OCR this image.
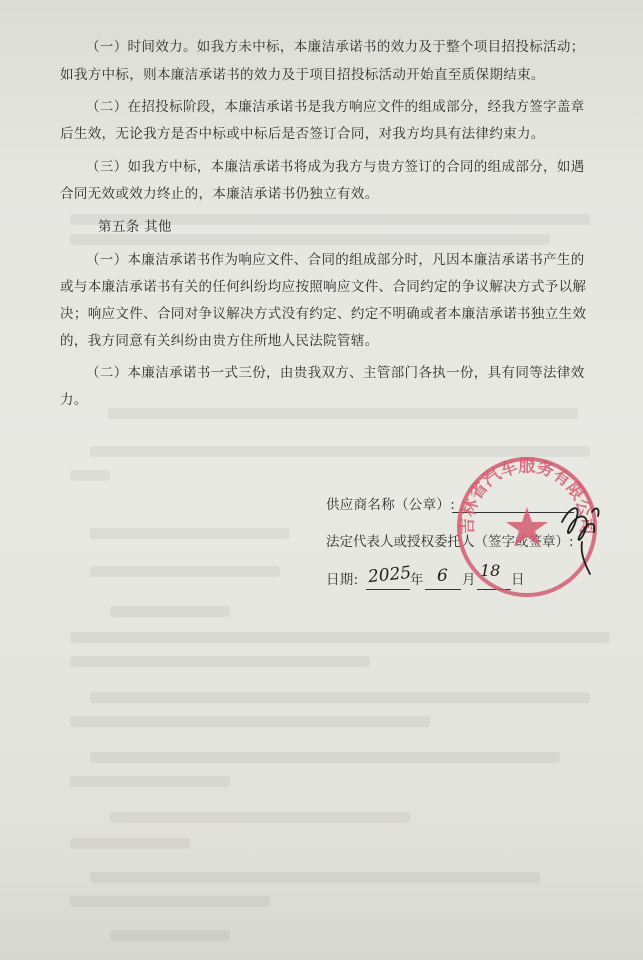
（一）时间效力。如我方未中标，本廉洁承诺书的效力及于整个项目招投标活动；
如我方中标，则本廉洁承诺书的效力及于项目招投标活动开始直至质保期结束。
（二）在招投标阶段，本廉洁承诺书是我方响应文件的组成部分，经我方签字盖章
后生效，无论我方是否中标或中标后是否签订合同，对我方均具有法律约束力。
（三）如我方中标，本廉洁承诺书将成为我方与贵方签订的合同的组成部分，如遇
合同无效或效力终止的，本廉洁承诺书仍独立有效。
第五条 其他
（一）本廉洁承诺书作为响应文件、合同的组成部分时，凡因本廉洁承诺书产生的
或与本廉洁承诺书有关的任何纠纷均应按照响应文件、合同约定的争议解决方式予以解
决；响应文件、合同对争议解决方式没有约定、约定不明确或者本廉洁承诺书独立生效
的，我方同意有关纠纷由贵方住所地人民法院管辖。
（二）本廉洁承诺书一式三份，由贵我双方、主管部门各执一份，具有同等法律效
力。
供应商名称（公章）:
法定代表人或授权委托人（签字或签章）:
日期: 2025
年 6 月 18 日
吉林省汽车服务有限公司
